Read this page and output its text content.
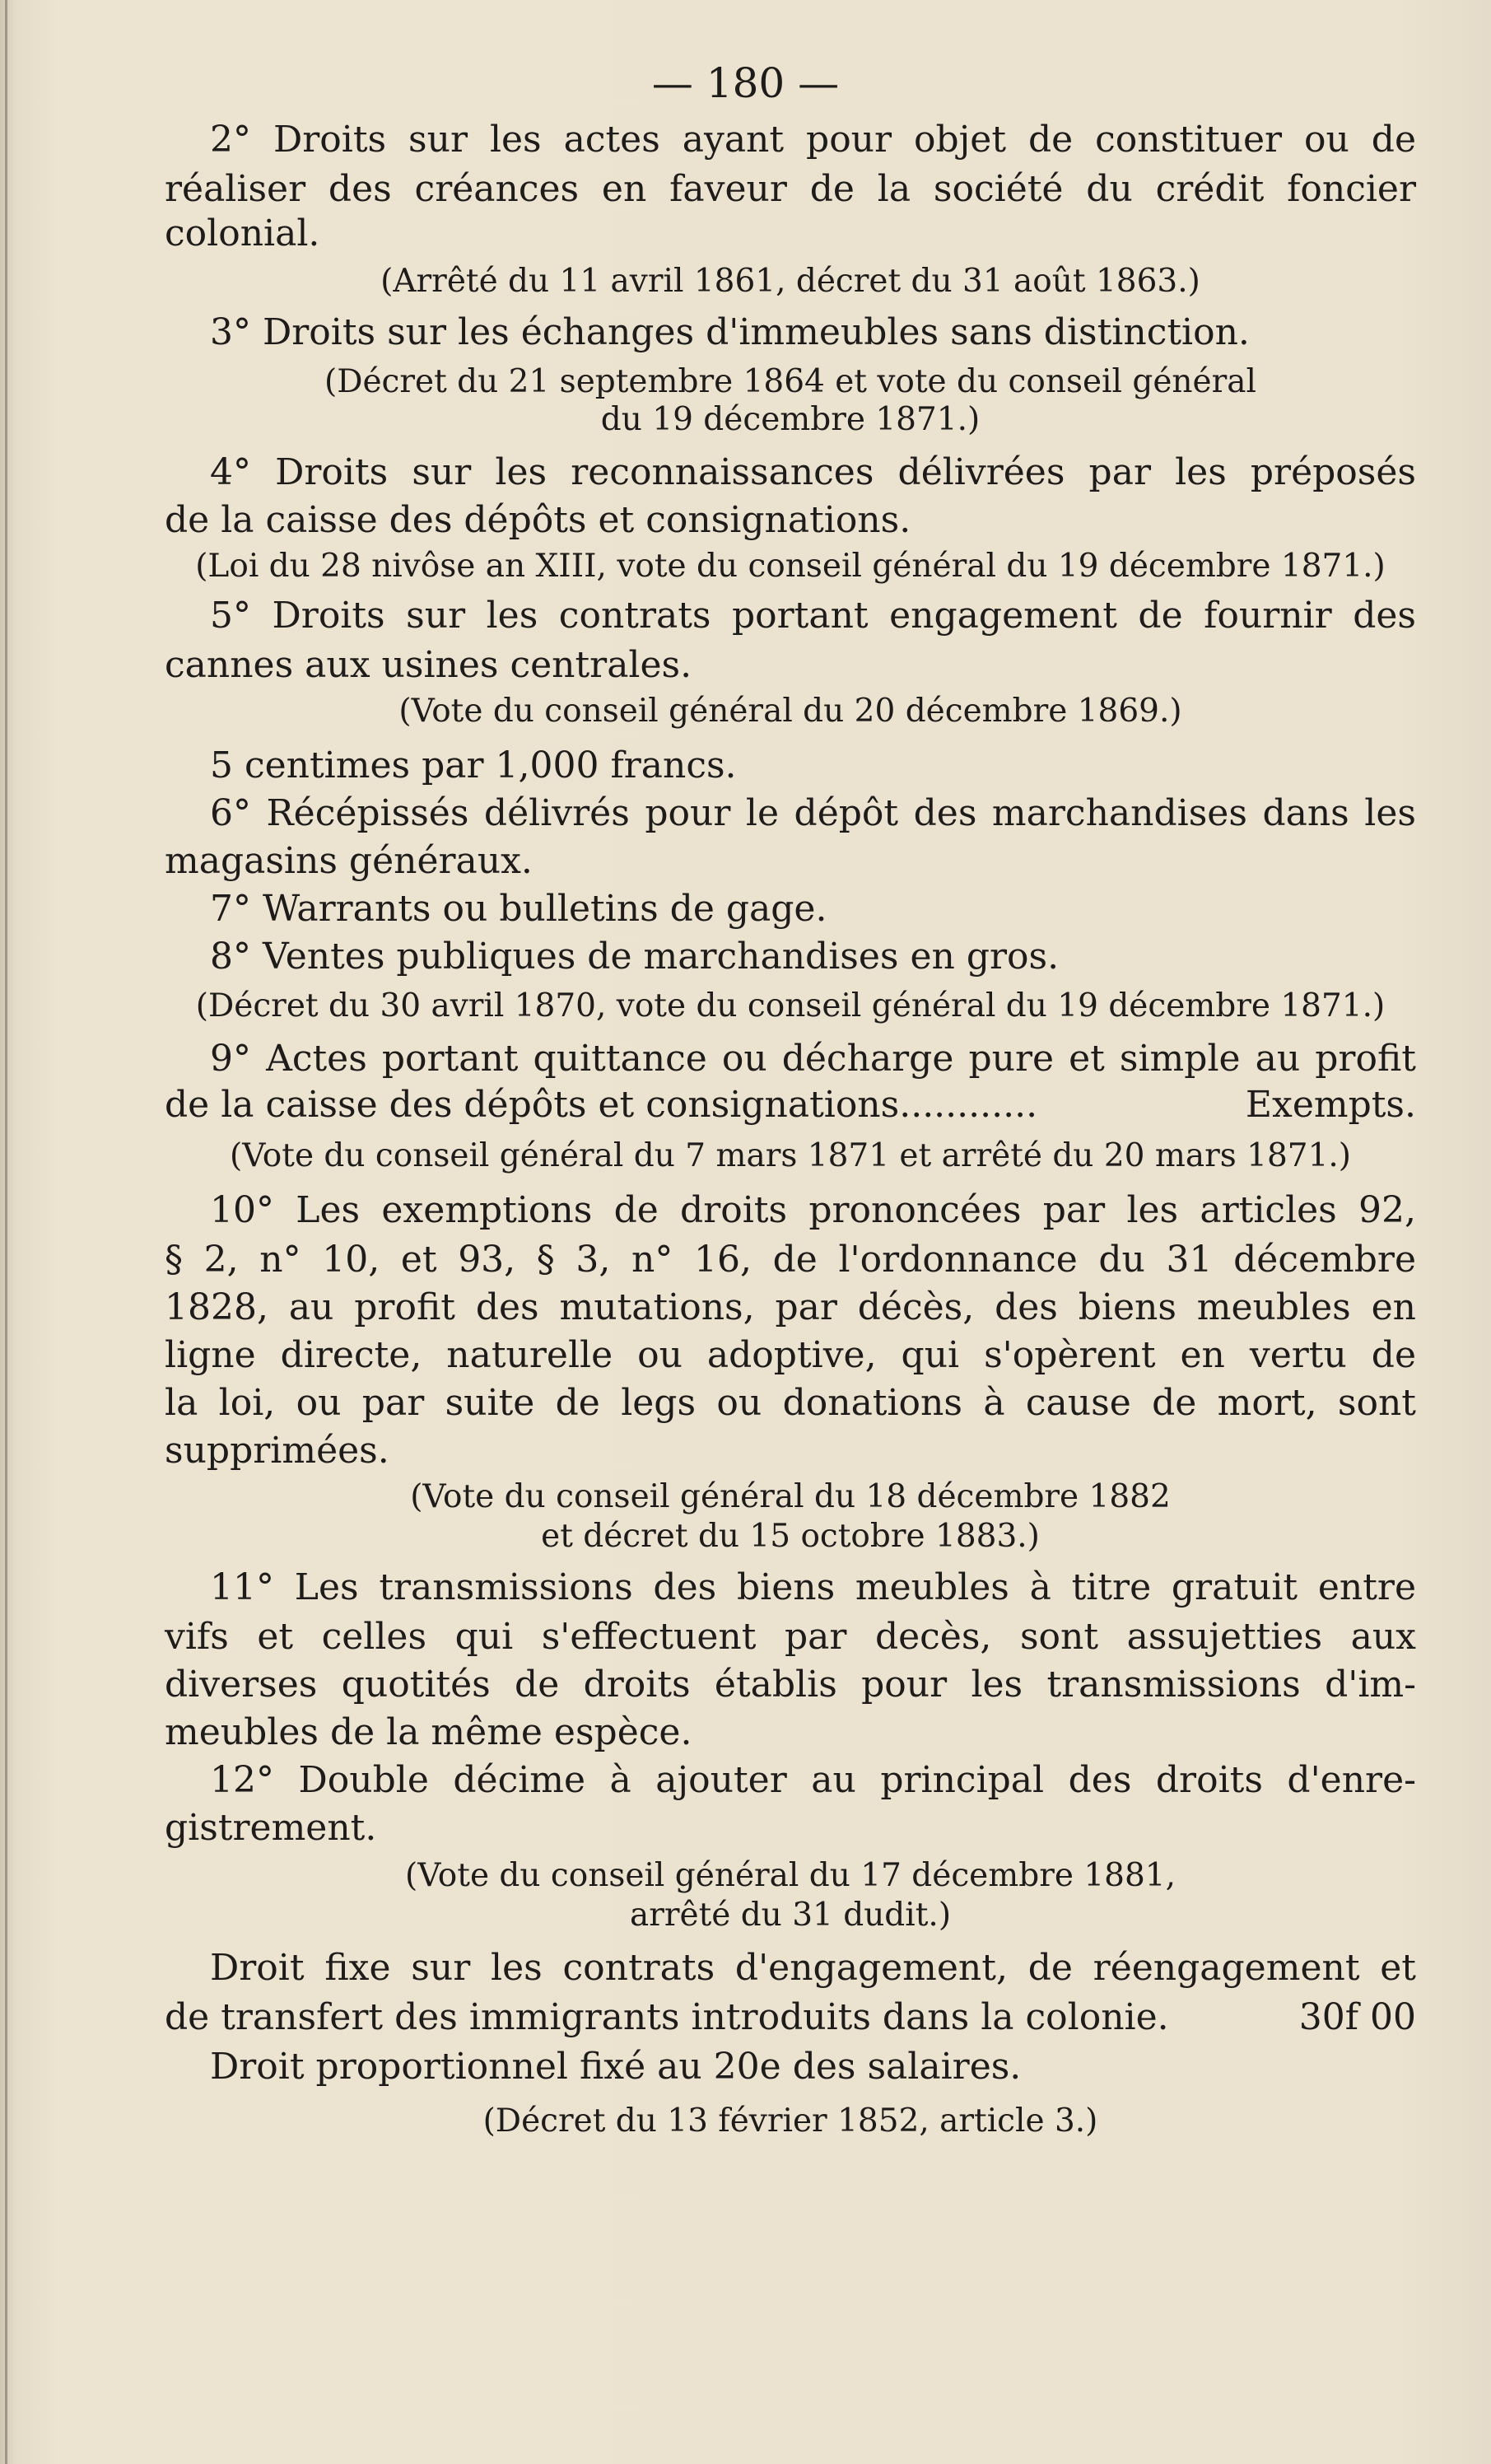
— 180 —
2° Droits sur les actes ayant pour objet de constituer ou de
réaliser des créances en faveur de la société du crédit foncier
colonial.
(Arrêté du 11 avril 1861, décret du 31 août 1863.)
3° Droits sur les échanges d'immeubles sans distinction.
(Décret du 21 septembre 1864 et vote du conseil général
du 19 décembre 1871.)
4° Droits sur les reconnaissances délivrées par les préposés
de la caisse des dépôts et consignations.
(Loi du 28 nivôse an XIII, vote du conseil général du 19 décembre 1871.)
5° Droits sur les contrats portant engagement de fournir des
cannes aux usines centrales.
(Vote du conseil général du 20 décembre 1869.)
5 centimes par 1,000 francs.
6° Récépissés délivrés pour le dépôt des marchandises dans les
magasins généraux.
7° Warrants ou bulletins de gage.
8° Ventes publiques de marchandises en gros.
(Décret du 30 avril 1870, vote du conseil général du 19 décembre 1871.)
9° Actes portant quittance ou décharge pure et simple au profit
de la caisse des dépôts et consignations............	Exempts.
(Vote du conseil général du 7 mars 1871 et arrêté du 20 mars 1871.)
10° Les exemptions de droits prononcées par les articles 92,
§ 2, n° 10, et 93, § 3, n° 16, de l'ordonnance du 31 décembre
1828, au profit des mutations, par décès, des biens meubles en
ligne directe, naturelle ou adoptive, qui s'opèrent en vertu de
la loi, ou par suite de legs ou donations à cause de mort, sont
supprimées.
(Vote du conseil général du 18 décembre 1882
et décret du 15 octobre 1883.)
11° Les transmissions des biens meubles à titre gratuit entre
vifs et celles qui s'effectuent par decès, sont assujetties aux
diverses quotités de droits établis pour les transmissions d'im-
meubles de la même espèce.
12° Double décime à ajouter au principal des droits d'enre-
gistrement.
(Vote du conseil général du 17 décembre 1881,
arrêté du 31 dudit.)
Droit fixe sur les contrats d'engagement, de réengagement et
de transfert des immigrants introduits dans la colonie.	30f 00
Droit proportionnel fixé au 20e des salaires.
(Décret du 13 février 1852, article 3.)
